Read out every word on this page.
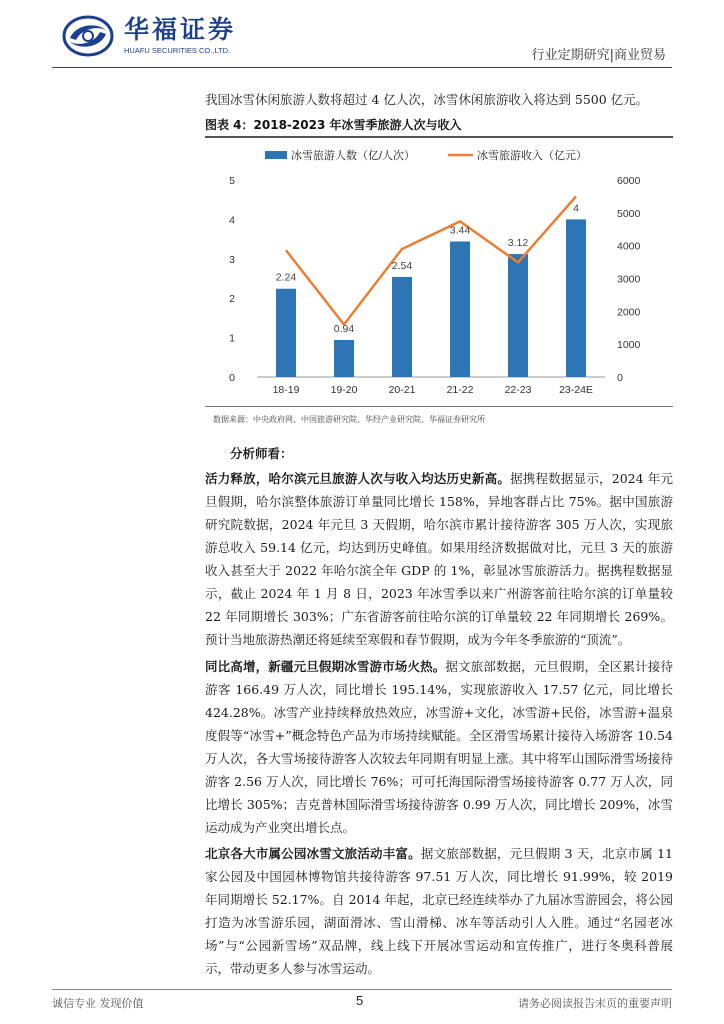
华福证券
HUAFU SECURITIES CO.,LTD.	行业定期研究|商业贸易

我国冰雪休闲旅游人数将超过 4 亿人次，冰雪休闲旅游收入将达到 5500 亿元。

图表 4：2018-2023 年冰雪季旅游人次与收入
冰雪旅游人数（亿/人次）	冰雪旅游收入（亿元）
0
1
2
3
4
5
0
1000
2000
3000
4000
5000
6000
18-19	19-20	20-21	21-22	22-23	23-24E
2.24
0.94
2.54
3.44
3.12
4
数据来源：中央政府网、中国旅游研究院、华经产业研究院、华福证券研究所
分析师看：

活力释放，哈尔滨元旦旅游人次与收入均达历史新高。据携程数据显示，2024 年元旦假期，哈尔滨整体旅游订单量同比增长 158%，异地客群占比 75%。据中国旅游研究院数据，2024 年元旦 3 天假期，哈尔滨市累计接待游客 305 万人次，实现旅游总收入 59.14 亿元，均达到历史峰值。如果用经济数据做对比，元旦 3 天的旅游收入甚至大于 2022 年哈尔滨全年 GDP 的 1%，彰显冰雪旅游活力。据携程数据显示，截止 2024 年 1 月 8 日，2023 年冰雪季以来广州游客前往哈尔滨的订单量较 22 年同期增长 303%；广东省游客前往哈尔滨的订单量较 22 年同期增长 269%。预计当地旅游热潮还将延续至寒假和春节假期，成为今年冬季旅游的“顶流”。

同比高增，新疆元旦假期冰雪游市场火热。据文旅部数据，元旦假期，全区累计接待游客 166.49 万人次，同比增长 195.14%，实现旅游收入 17.57 亿元，同比增长 424.28%。冰雪产业持续释放热效应，冰雪游+文化，冰雪游+民俗，冰雪游+温泉度假等“冰雪+”概念特色产品为市场持续赋能。全区滑雪场累计接待入场游客 10.54 万人次，各大雪场接待游客人次较去年同期有明显上涨。其中将军山国际滑雪场接待游客 2.56 万人次，同比增长 76%；可可托海国际滑雪场接待游客 0.77 万人次，同比增长 305%；吉克普林国际滑雪场接待游客 0.99 万人次，同比增长 209%，冰雪运动成为产业突出增长点。

北京各大市属公园冰雪文旅活动丰富。据文旅部数据，元旦假期 3 天，北京市属 11 家公园及中国园林博物馆共接待游客 97.51 万人次，同比增长 91.99%，较 2019 年同期增长 52.17%。自 2014 年起，北京已经连续举办了九届冰雪游园会，将公园打造为冰雪游乐园，湖面滑冰、雪山滑梯、冰车等活动引人入胜。通过“名园老冰场”与“公园新雪场”双品牌，线上线下开展冰雪运动和宣传推广，进行冬奥科普展示，带动更多人参与冰雪运动。

诚信专业 发现价值	5	请务必阅读报告末页的重要声明
